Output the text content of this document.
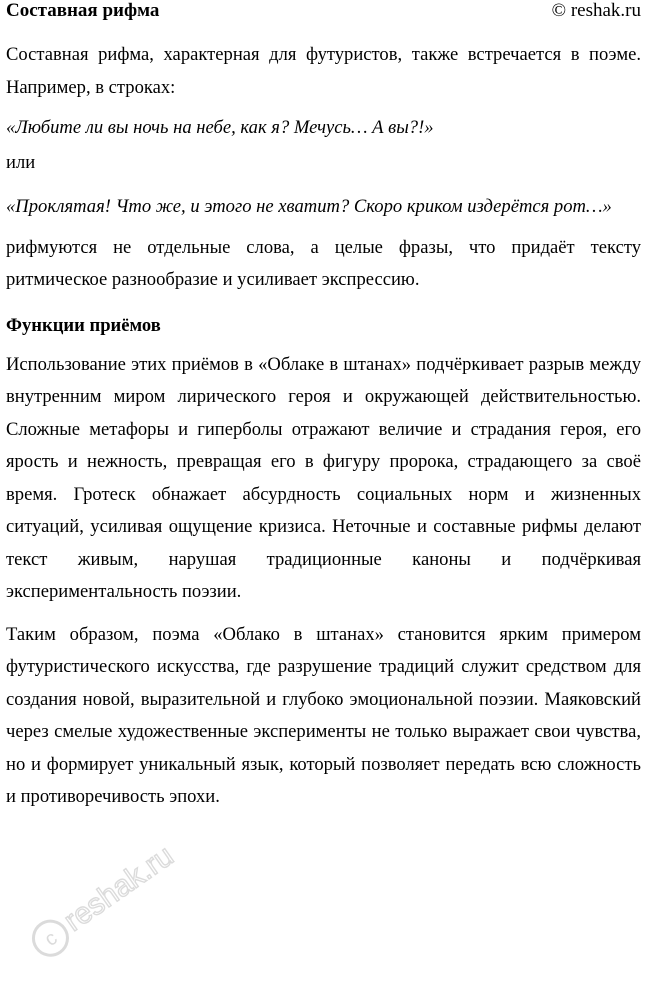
Составная рифма	© reshak.ru

Составная рифма, характерная для футуристов, также встречается в поэме. Например, в строках:

«Любите ли вы ночь на небе, как я? Мечусь… А вы?!»

или

«Проклятая! Что же, и этого не хватит? Скоро криком издерётся рот…»

рифмуются не отдельные слова, а целые фразы, что придаёт тексту ритмическое разнообразие и усиливает экспрессию.

Функции приёмов

Использование этих приёмов в «Облаке в штанах» подчёркивает разрыв между внутренним миром лирического героя и окружающей действительностью. Сложные метафоры и гиперболы отражают величие и страдания героя, его ярость и нежность, превращая его в фигуру пророка, страдающего за своё время. Гротеск обнажает абсурдность социальных норм и жизненных ситуаций, усиливая ощущение кризиса. Неточные и составные рифмы делают текст живым, нарушая традиционные каноны и подчёркивая экспериментальность поэзии.

Таким образом, поэма «Облако в штанах» становится ярким примером футуристического искусства, где разрушение традиций служит средством для создания новой, выразительной и глубоко эмоциональной поэзии. Маяковский через смелые художественные эксперименты не только выражает свои чувства, но и формирует уникальный язык, который позволяет передать всю сложность и противоречивость эпохи.

c
reshak.ru
